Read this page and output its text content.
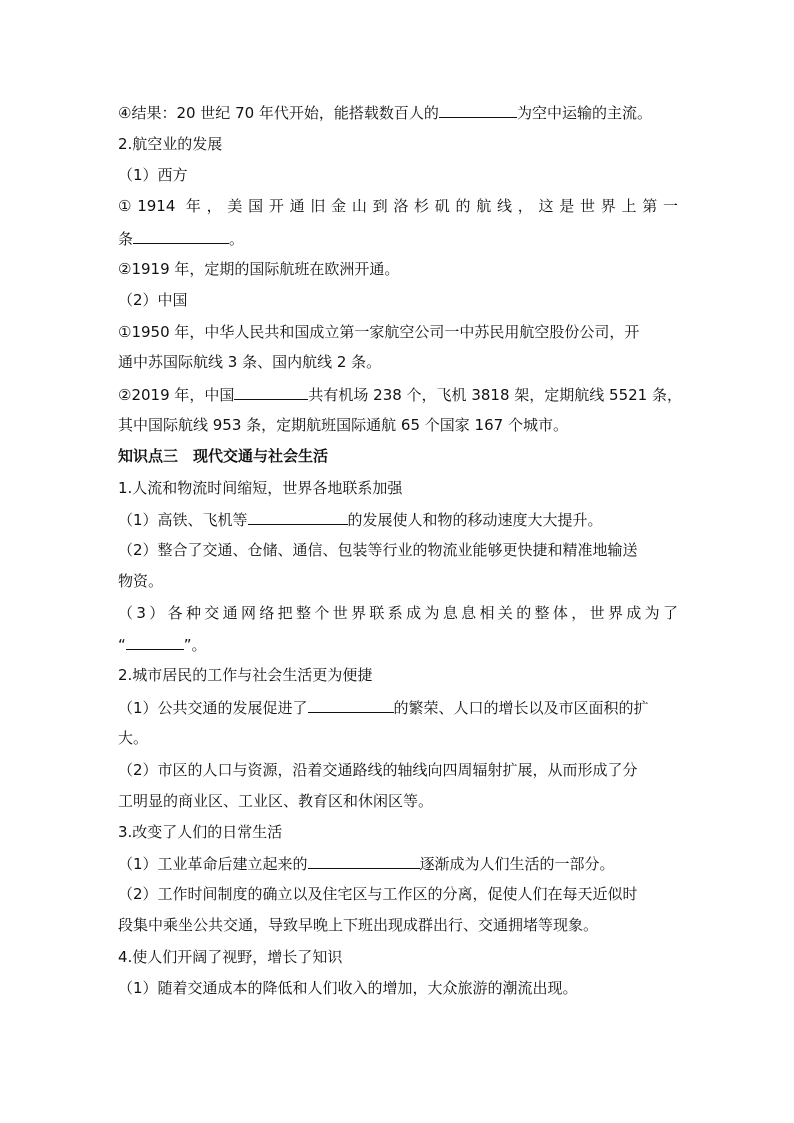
④结果：20 世纪 70 年代开始，能搭载数百人的	为空中运输的主流。
2.航空业的发展
（1）西方
①1914 年，美国开通旧金山到洛杉矶的航线，这是世界上第一
条	。
②1919 年，定期的国际航班在欧洲开通。
（2）中国
①1950 年，中华人民共和国成立第一家航空公司一中苏民用航空股份公司，开
通中苏国际航线 3 条、国内航线 2 条。
②2019 年，中国	共有机场 238 个，飞机 3818 架，定期航线 5521 条，
其中国际航线 953 条，定期航班国际通航 65 个国家 167 个城市。
知识点三　现代交通与社会生活
1.人流和物流时间缩短，世界各地联系加强
（1）高铁、飞机等	的发展使人和物的移动速度大大提升。
（2）整合了交通、仓储、通信、包装等行业的物流业能够更快捷和精准地输送
物资。
（3）各种交通网络把整个世界联系成为息息相关的整体，世界成为了
“	”。
2.城市居民的工作与社会生活更为便捷
（1）公共交通的发展促进了	的繁荣、人口的增长以及市区面积的扩
大。
（2）市区的人口与资源，沿着交通路线的轴线向四周辐射扩展，从而形成了分
工明显的商业区、工业区、教育区和休闲区等。
3.改变了人们的日常生活
（1）工业革命后建立起来的	逐渐成为人们生活的一部分。
（2）工作时间制度的确立以及住宅区与工作区的分离，促使人们在每天近似时
段集中乘坐公共交通，导致早晚上下班出现成群出行、交通拥堵等现象。
4.使人们开阔了视野，增长了知识
（1）随着交通成本的降低和人们收入的增加，大众旅游的潮流出现。
